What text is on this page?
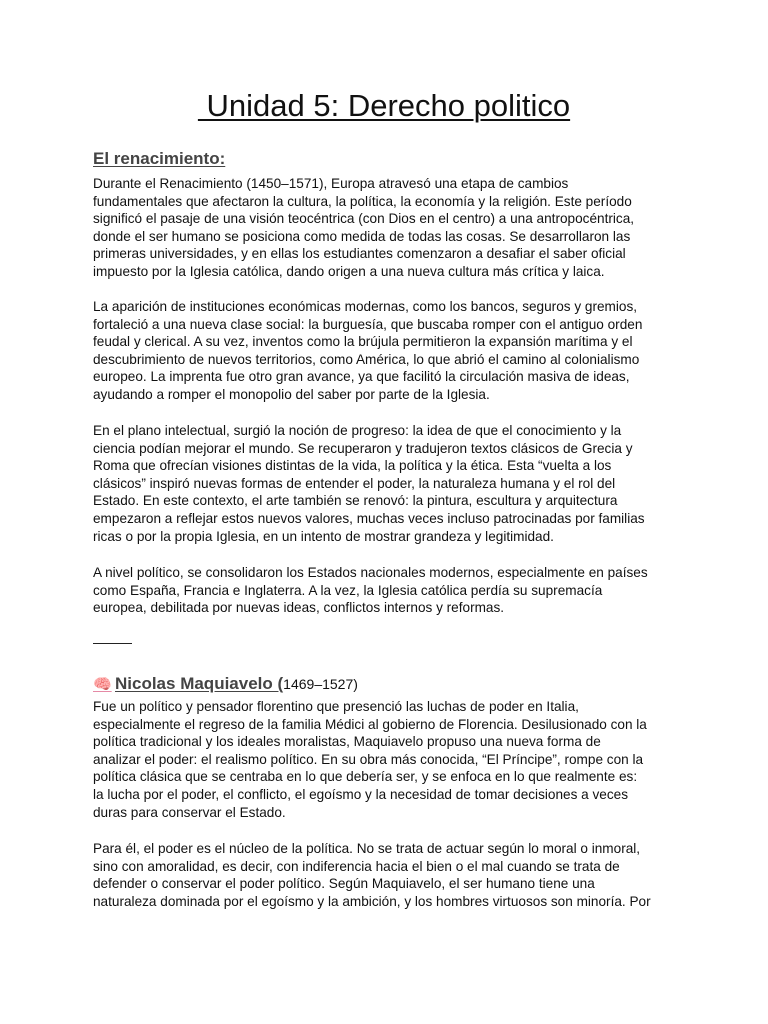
Unidad 5: Derecho politico
El renacimiento:

Durante el Renacimiento (1450–1571), Europa atravesó una etapa de cambios

fundamentales que afectaron la cultura, la política, la economía y la religión. Este período

significó el pasaje de una visión teocéntrica (con Dios en el centro) a una antropocéntrica,

donde el ser humano se posiciona como medida de todas las cosas. Se desarrollaron las

primeras universidades, y en ellas los estudiantes comenzaron a desafiar el saber oficial

impuesto por la Iglesia católica, dando origen a una nueva cultura más crítica y laica.

La aparición de instituciones económicas modernas, como los bancos, seguros y gremios,

fortaleció a una nueva clase social: la burguesía, que buscaba romper con el antiguo orden

feudal y clerical. A su vez, inventos como la brújula permitieron la expansión marítima y el

descubrimiento de nuevos territorios, como América, lo que abrió el camino al colonialismo

europeo. La imprenta fue otro gran avance, ya que facilitó la circulación masiva de ideas,

ayudando a romper el monopolio del saber por parte de la Iglesia.

En el plano intelectual, surgió la noción de progreso: la idea de que el conocimiento y la

ciencia podían mejorar el mundo. Se recuperaron y tradujeron textos clásicos de Grecia y

Roma que ofrecían visiones distintas de la vida, la política y la ética. Esta “vuelta a los

clásicos” inspiró nuevas formas de entender el poder, la naturaleza humana y el rol del

Estado. En este contexto, el arte también se renovó: la pintura, escultura y arquitectura

empezaron a reflejar estos nuevos valores, muchas veces incluso patrocinadas por familias

ricas o por la propia Iglesia, en un intento de mostrar grandeza y legitimidad.

A nivel político, se consolidaron los Estados nacionales modernos, especialmente en países

como España, Francia e Inglaterra. A la vez, la Iglesia católica perdía su supremacía

europea, debilitada por nuevas ideas, conflictos internos y reformas.

🧠 Nicolas Maquiavelo ( 1469–1527)

Fue un político y pensador florentino que presenció las luchas de poder en Italia,

especialmente el regreso de la familia Médici al gobierno de Florencia. Desilusionado con la

política tradicional y los ideales moralistas, Maquiavelo propuso una nueva forma de

analizar el poder: el realismo político. En su obra más conocida, “El Príncipe”, rompe con la

política clásica que se centraba en lo que debería ser, y se enfoca en lo que realmente es:

la lucha por el poder, el conflicto, el egoísmo y la necesidad de tomar decisiones a veces

duras para conservar el Estado.

Para él, el poder es el núcleo de la política. No se trata de actuar según lo moral o inmoral,

sino con amoralidad, es decir, con indiferencia hacia el bien o el mal cuando se trata de

defender o conservar el poder político. Según Maquiavelo, el ser humano tiene una

naturaleza dominada por el egoísmo y la ambición, y los hombres virtuosos son minoría. Por
